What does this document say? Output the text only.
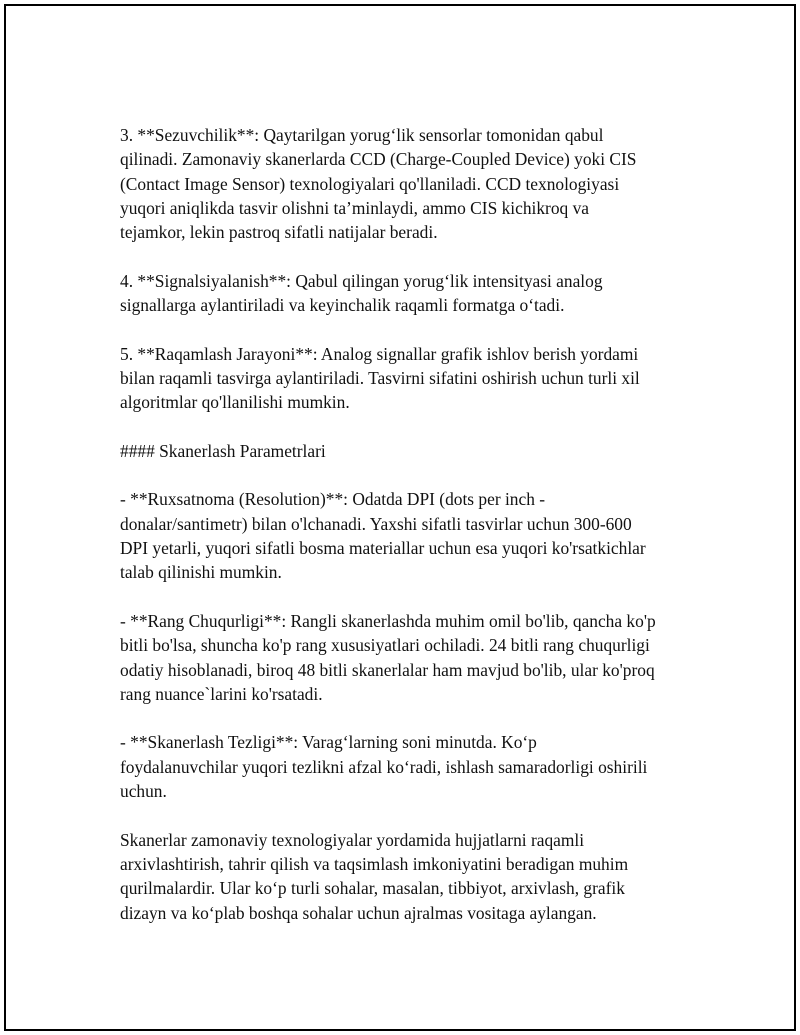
3. **Sezuvchilik**: Qaytarilgan yorug‘lik sensorlar tomonidan qabul
qilinadi. Zamonaviy skanerlarda CCD (Charge-Coupled Device) yoki CIS
(Contact Image Sensor) texnologiyalari qo'llaniladi. CCD texnologiyasi
yuqori aniqlikda tasvir olishni ta’minlaydi, ammo CIS kichikroq va
tejamkor, lekin pastroq sifatli natijalar beradi.

4. **Signalsiyalanish**: Qabul qilingan yorug‘lik intensityasi analog
signallarga aylantiriladi va keyinchalik raqamli formatga o‘tadi.

5. **Raqamlash Jarayoni**: Analog signallar grafik ishlov berish yordami
bilan raqamli tasvirga aylantiriladi. Tasvirni sifatini oshirish uchun turli xil
algoritmlar qo'llanilishi mumkin.

#### Skanerlash Parametrlari

- **Ruxsatnoma (Resolution)**: Odatda DPI (dots per inch -
donalar/santimetr) bilan o'lchanadi. Yaxshi sifatli tasvirlar uchun 300-600
DPI yetarli, yuqori sifatli bosma materiallar uchun esa yuqori ko'rsatkichlar
talab qilinishi mumkin.

- **Rang Chuqurligi**: Rangli skanerlashda muhim omil bo'lib, qancha ko'p
bitli bo'lsa, shuncha ko'p rang xususiyatlari ochiladi. 24 bitli rang chuqurligi
odatiy hisoblanadi, biroq 48 bitli skanerlalar ham mavjud bo'lib, ular ko'proq
rang nuance`larini ko'rsatadi.

- **Skanerlash Tezligi**: Varag‘larning soni minutda. Ko‘p
foydalanuvchilar yuqori tezlikni afzal ko‘radi, ishlash samaradorligi oshirili
uchun.

Skanerlar zamonaviy texnologiyalar yordamida hujjatlarni raqamli
arxivlashtirish, tahrir qilish va taqsimlash imkoniyatini beradigan muhim
qurilmalardir. Ular ko‘p turli sohalar, masalan, tibbiyot, arxivlash, grafik
dizayn va ko‘plab boshqa sohalar uchun ajralmas vositaga aylangan.
